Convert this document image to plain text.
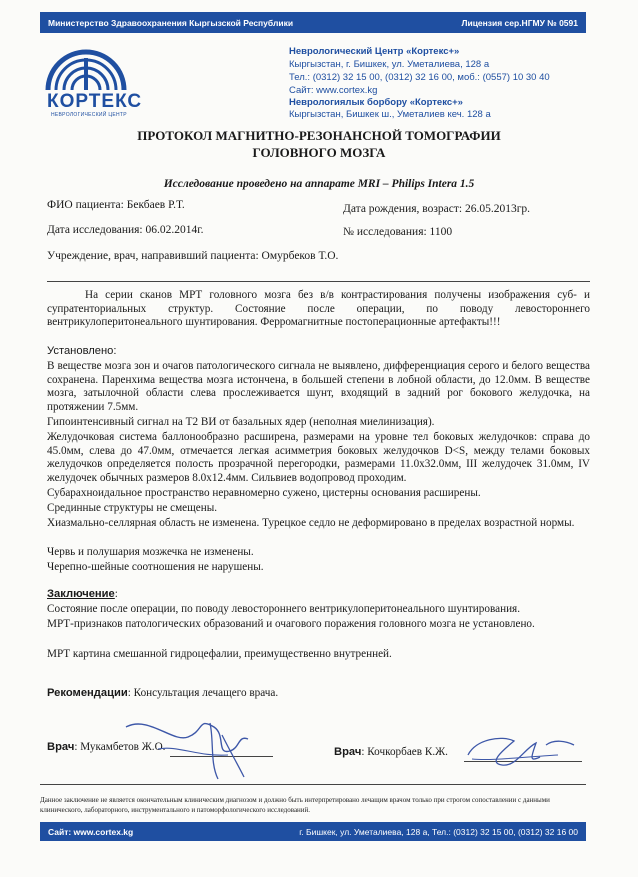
Министерство Здравоохранения Кыргызской Республики	Лицензия сер.НГМУ № 0591
КОРТЕКС
НЕВРОЛОГИЧЕСКИЙ ЦЕНТР
Неврологический Центр «Кортекс+»
Кыргызстан, г. Бишкек, ул. Уметалиева, 128 а
Тел.: (0312) 32 15 00, (0312) 32 16 00, моб.: (0557) 10 30 40
Сайт: www.cortex.kg
Неврологиялык борбору «Кортекс+»
Кыргызстан, Бишкек ш., Уметалиев кеч. 128 а
ПРОТОКОЛ МАГНИТНО-РЕЗОНАНСНОЙ ТОМОГРАФИИ
ГОЛОВНОГО МОЗГА
Исследование проведено на аппарате MRI – Philips Intera 1.5
ФИО пациента: Бекбаев Р.Т.	Дата рождения, возраст: 26.05.2013гр.
Дата исследования: 06.02.2014г.	№ исследования: 1100
Учреждение, врач, направивший пациента: Омурбеков Т.О.
На серии сканов МРТ головного мозга без в/в контрастирования получены изображения суб- и супратенториальных структур. Состояние после операции, по поводу левостороннего вентрикулоперитонеального шунтирования. Ферромагнитные постоперационные артефакты!!!
Установлено:
В веществе мозга зон и очагов патологического сигнала не выявлено, дифференциация серого и белого вещества сохранена. Паренхима вещества мозга истончена, в большей степени в лобной области, до 12.0мм. В веществе мозга, затылочной области слева прослеживается шунт, входящий в задний рог бокового желудочка, на протяжении 7.5мм.
Гипоинтенсивный сигнал на Т2 ВИ от базальных ядер (неполная миелинизация).
Желудочковая система баллонообразно расширена, размерами на уровне тел боковых желудочков: справа до 45.0мм, слева до 47.0мм, отмечается легкая асимметрия боковых желудочков D<S, между телами боковых желудочков определяется полость прозрачной перегородки, размерами 11.0х32.0мм, III желудочек 31.0мм, IV желудочек обычных размеров 8.0х12.4мм. Сильвиев водопровод проходим.
Субарахноидальное пространство неравномерно сужено, цистерны основания расширены.
Срединные структуры не смещены.
Хиазмально-селлярная область не изменена. Турецкое седло не деформировано в пределах возрастной нормы.
Червь и полушария мозжечка не изменены.
Черепно-шейные соотношения не нарушены.
Заключение:
Состояние после операции, по поводу левостороннего вентрикулоперитонеального шунтирования.
МРТ-признаков патологических образований и очагового поражения головного мозга не установлено.
МРТ картина смешанной гидроцефалии, преимущественно внутренней.
Рекомендации: Консультация лечащего врача.
Врач: Мукамбетов Ж.О.	Врач: Кочкорбаев К.Ж.
Данное заключение не является окончательным клиническим диагнозом и должно быть интерпретировано лечащим врачом только при строгом сопоставлении с данными клинического, лабораторного, инструментального и патоморфологического исследований.
Сайт: www.cortex.kg	г. Бишкек, ул. Уметалиева, 128 а, Тел.: (0312) 32 15 00, (0312) 32 16 00
